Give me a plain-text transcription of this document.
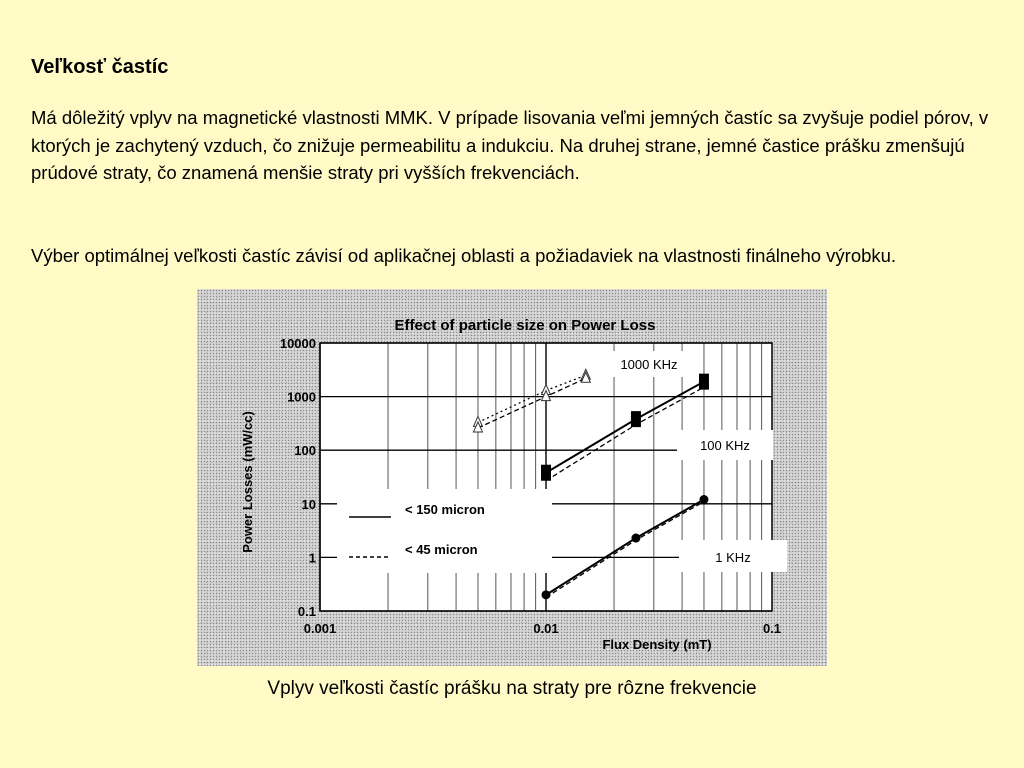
Veľkosť častíc
Má dôležitý vplyv na magnetické vlastnosti MMK. V prípade lisovania veľmi jemných častíc sa zvyšuje podiel pórov, v ktorých je zachytený vzduch, čo znižuje permeabilitu a indukciu. Na druhej strane, jemné častice prášku zmenšujú prúdové straty, čo znamená menšie straty pri vyšších frekvenciách.
Výber optimálnej veľkosti častíc závisí od aplikačnej oblasti a požiadaviek na vlastnosti finálneho výrobku.
0.1
1
10
100
1000
10000
0.001	0.01	0.1
Effect of particle size on Power Loss
Flux Density (mT)
Power Losses (mW/cc)	< 150 micron
< 45 micron
1000 KHz
100 KHz
1 KHz
Vplyv veľkosti častíc prášku na straty pre rôzne frekvencie
